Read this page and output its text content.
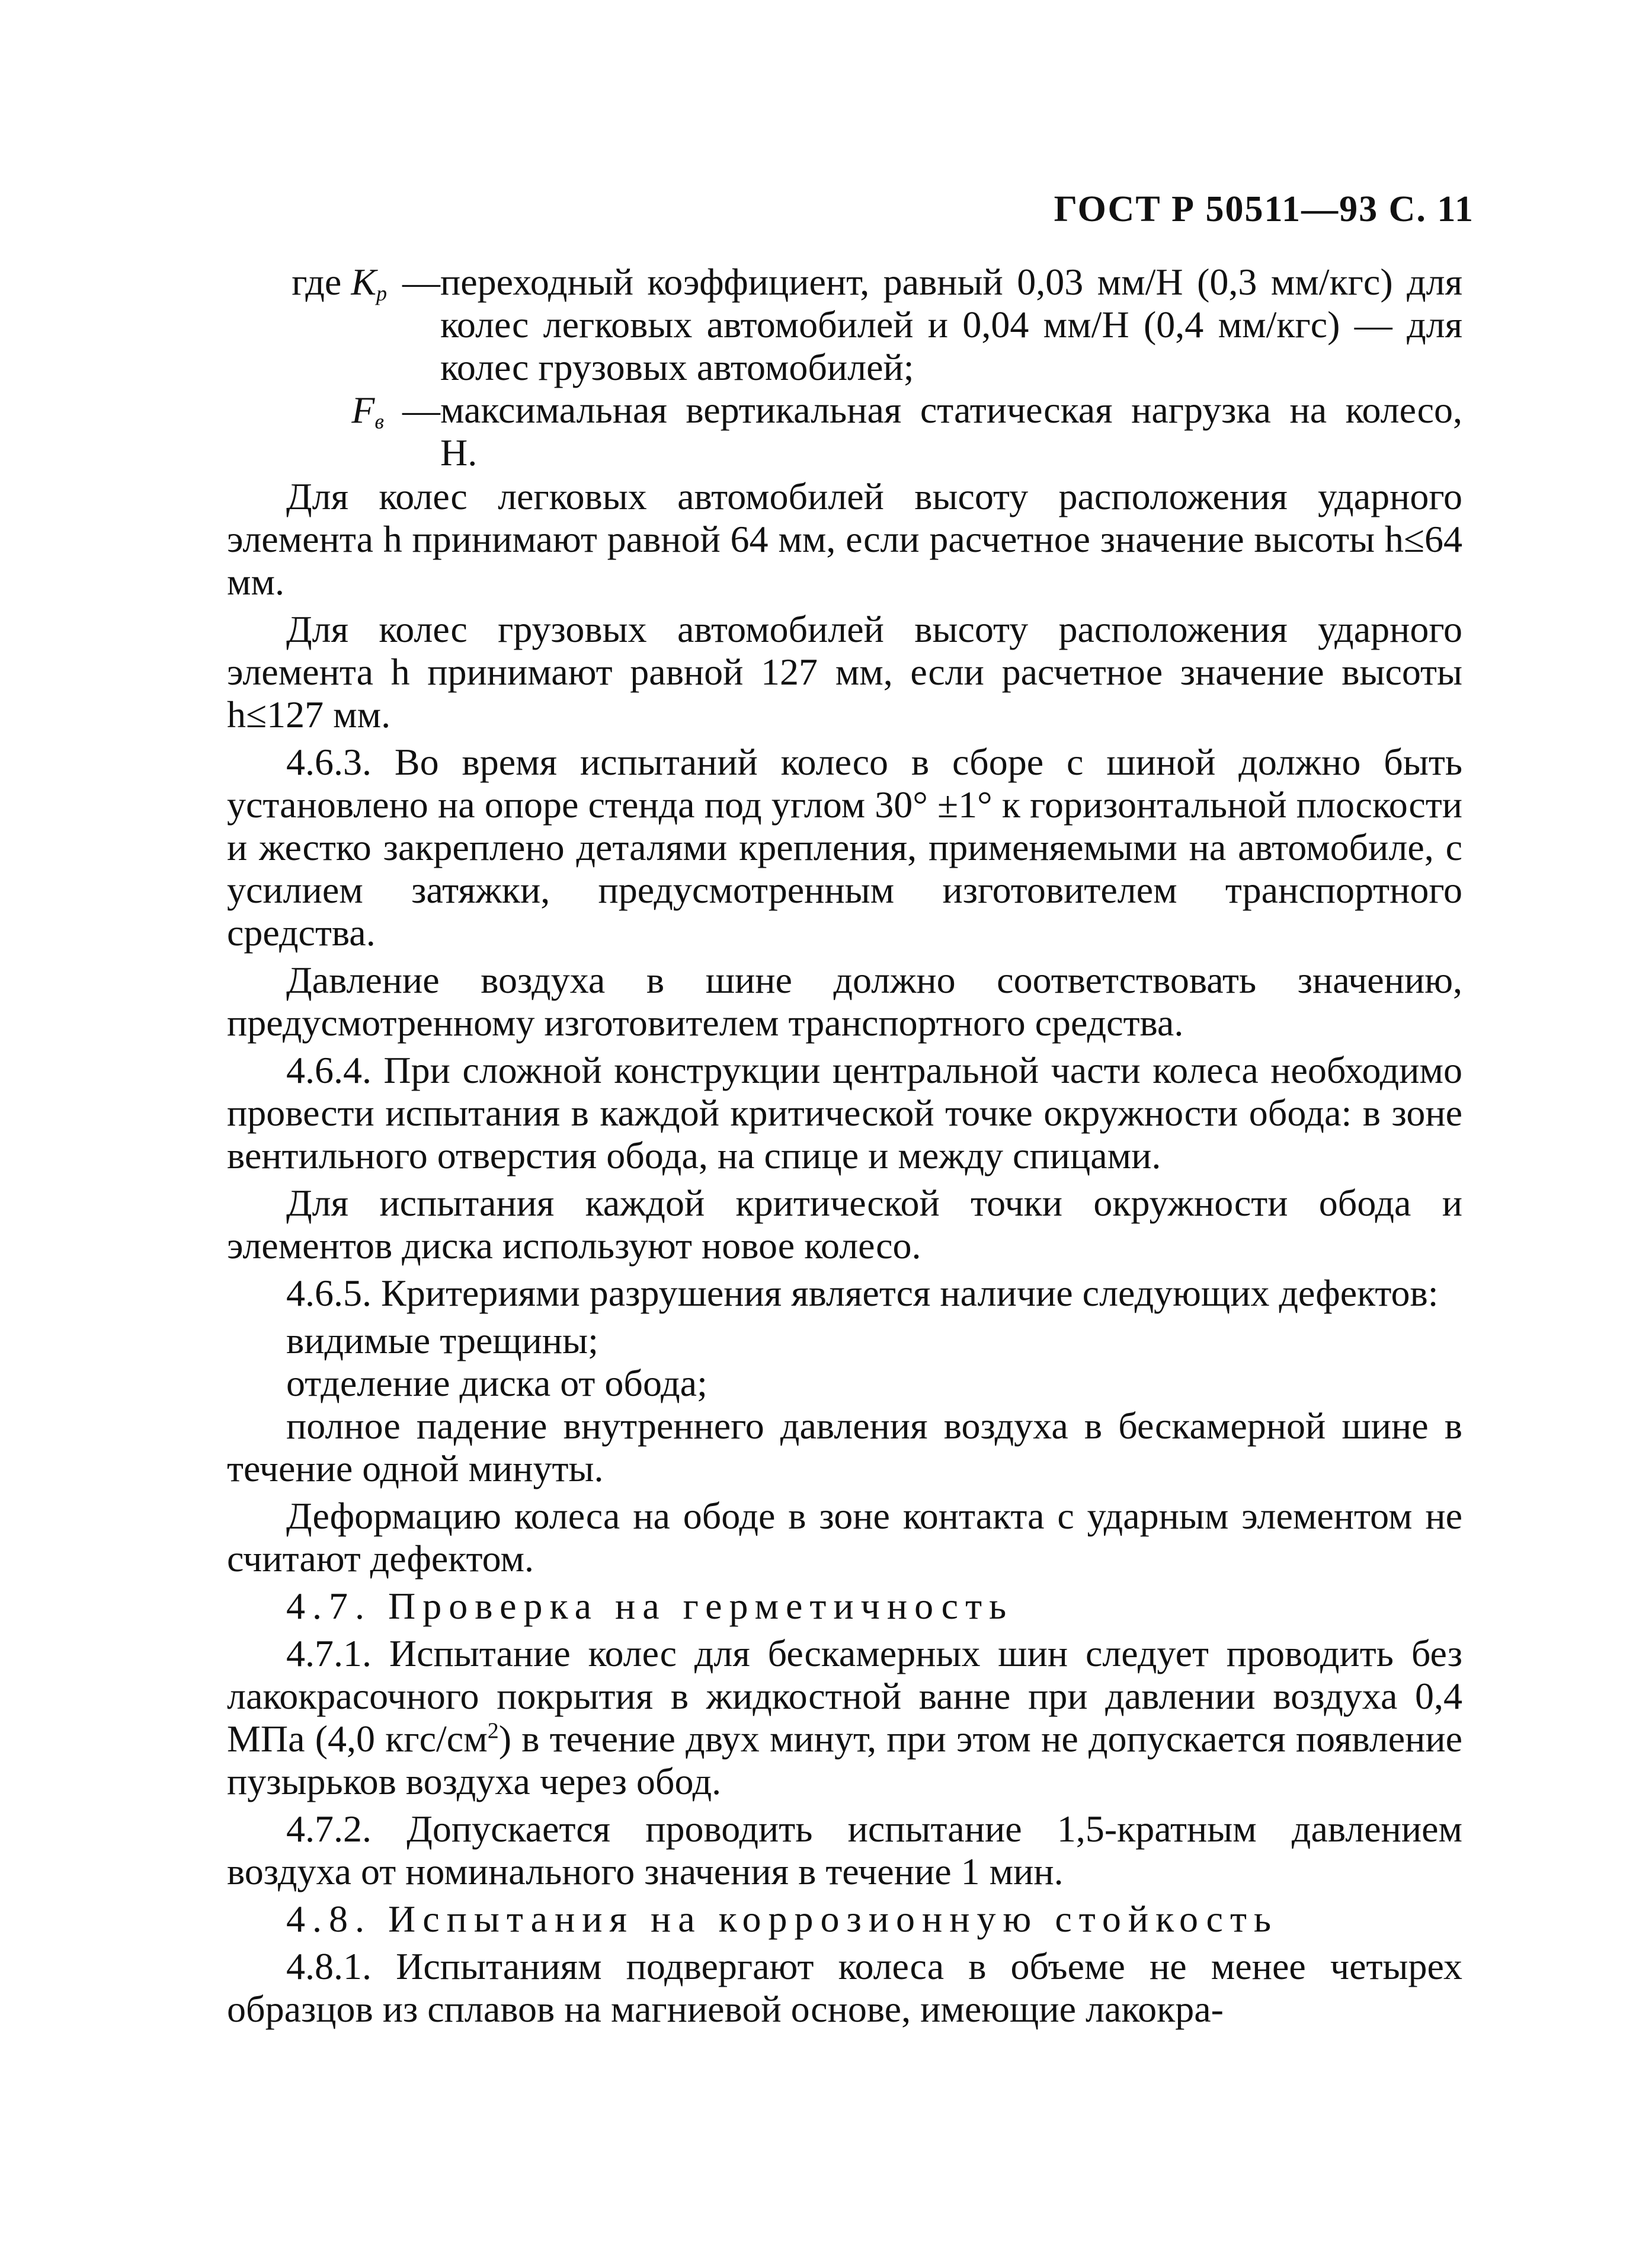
ГОСТ Р 50511—93 С. 11
где $K_р$ — переходный коэффициент, равный 0,03 мм/Н (0,3 мм/кгс) для колес легковых автомобилей и 0,04 мм/Н (0,4 мм/кгс) — для колес грузовых автомобилей;
$F_в$ — максимальная вертикальная статическая нагрузка на колесо, Н.

Для колес легковых автомобилей высоту расположения ударного элемента h принимают равной 64 мм, если расчетное значение высоты h≤64 мм.

Для колес грузовых автомобилей высоту расположения ударного элемента h принимают равной 127 мм, если расчетное значение высоты h≤127 мм.

4.6.3. Во время испытаний колесо в сборе с шиной должно быть установлено на опоре стенда под углом 30° ±1° к горизонтальной плоскости и жестко закреплено деталями крепления, применяемыми на автомобиле, с усилием затяжки, предусмотренным изготовителем транспортного средства.

Давление воздуха в шине должно соответствовать значению, предусмотренному изготовителем транспортного средства.

4.6.4. При сложной конструкции центральной части колеса необходимо провести испытания в каждой критической точке окружности обода: в зоне вентильного отверстия обода, на спице и между спицами.

Для испытания каждой критической точки окружности обода и элементов диска используют новое колесо.

4.6.5. Критериями разрушения является наличие следующих дефектов:

видимые трещины;
отделение диска от обода;

полное падение внутреннего давления воздуха в бескамерной шине в течение одной минуты.

Деформацию колеса на ободе в зоне контакта с ударным элементом не считают дефектом.

4.7. Проверка на герметичность

4.7.1. Испытание колес для бескамерных шин следует проводить без лакокрасочного покрытия в жидкостной ванне при давлении воздуха 0,4 МПа (4,0 кгс/$см^2$) в течение двух минут, при этом не допускается появление пузырьков воздуха через обод.

4.7.2. Допускается проводить испытание 1,5-кратным давлением воздуха от номинального значения в течение 1 мин.

4.8. Испытания на коррозионную стойкость

4.8.1. Испытаниям подвергают колеса в объеме не менее четырех образцов из сплавов на магниевой основе, имеющие лакокра-
